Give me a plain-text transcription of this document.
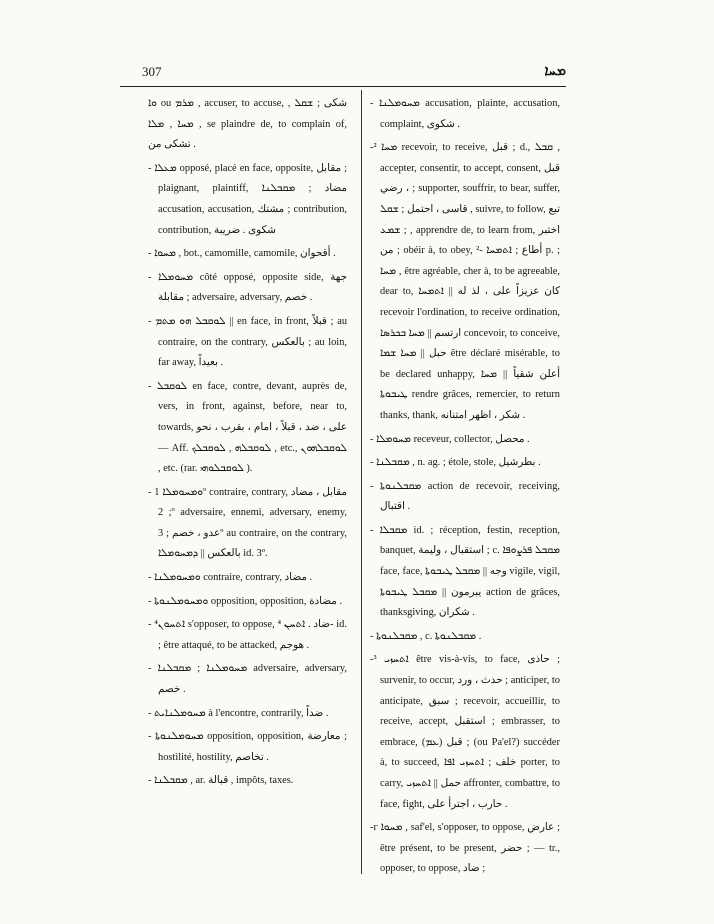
307	ܡܚܐ

ܘܐ ou ܡܪܡ , accuser, to accuse, شكى ; ܫܩܠ , ܡܚܐ , ܡܠܐ , se plaindre de, to complain of, تشكى من .

- ܡܥܠܐ opposé, placé en face, opposite, مقابل ; plaignant, plaintiff, مضاد ; ܡܩܒܠܢܐ accusation, accusation, مشتك ; contribution, contribution, شكوى . ضريبة

- ܡܚܘܐ , bot., camomille, camomile, أقحوان .

- ܡܚܘܡܠܐ côté opposé, opposite side, جهة مقابلة ; adversaire, adversary, خصم .

- ܠܘܩܒܠ ܗܘ ܡܬܡ || en face, in front, قبلاً ; au contraire, on the contrary, بالعكس ; au loin, far away, بعيداً .

- ܠܘܩܒܠ en face, contre, devant, auprès de, vers, in front, against, before, near to, towards, على ، ضد ، قبلاً ، امام ، بقرب ، نحو — Aff. ܠܘܩܒܠܗ , ܠܘܩܒܠܟ , etc., ܠܘܩܒܠܗܘܢ , etc. (rar. ܠܘܩܒܠܘܗܝ ).

- ܘܡܚܘܡܠܐ 1º contraire, contrary, مقابل ، مضاد ; 2º adversaire, ennemi, adversary, enemy, عدو ، خصم ; 3º au contraire, on the contrary, بالعكس || ܕܡܚܘܡܠܐ id. 3º.

- ܘܡܚܘܡܠܢܐ contraire, contrary, مضاد .

- ܘܡܚܘܡܠܢܘܬܐ opposition, opposition, مضادة .

- ܐܬܚܘܢ⁴ s'opposer, to oppose, ضاد . ܐܬܚܢ ⁴- id. ; être attaqué, to be attacked, هوجم .

- ܡܚܘܡܠܢܐ ; ܡܩܒܠܢܐ adversaire, adversary, خصم .

- ܡܚܘܡܠܢܐܝܬ à l'encontre, contrarily, ضداً .

- ܡܚܘܡܠܢܘܬܐ opposition, opposition, معارضة ; hostilité, hostility, تخاصم .

- ܡܩܒܠܢܐ , ar. قبالة , impôts, taxes.

- ܡܚܘܡܠܢܐ accusation, plainte, accusation, complaint, شكوى .

-² ܡܚܐ recevoir, to receive, قبل ; d., ܩܒܠ , accepter, consentir, to accept, consent, قبل ، رضي ; supporter, souffrir, to bear, suffer, قاسى ، احتمل ; ܫܩܠ , suivre, to follow, تبع ; ܫܡܥ , apprendre de, to learn from, اختبر من ; obéir à, to obey, أطاع ; ܐܬܡܚܐ -² p. ; ܡܚܐ , être agréable, cher à, to be agreeable, dear to, كان عزيزاً على ، لذ له || ܐܬܡܚܐ recevoir l'ordination, to receive ordination, ارتسم || ܡܚܐ ܒܟܪܣܐ concevoir, to conceive, حبل || ܡܚܐ ܫܡܐ être déclaré misérable, to be declared unhappy, أعلن شقياً || ܡܚܐ ܛܝܒܘܬܐ rendre grâces, remercier, to return thanks, thank, شكر ، اظهر امتنانه .

- ܡܚܘܡܠܐ receveur, collector, محصل .

- ܡܩܒܠܢܐ , n. ag. ; étole, stole, بطرشيل .

- ܡܩܒܠܢܘܬܐ action de recevoir, receiving, اقتبال .

- ܡܩܒܠܐ id. ; réception, festin, reception, banquet, استقبال ، وليمة ; c. ܡܩܒܠ ܦܪܨܘܦܐ face, face, وجه || ܡܩܒܠ ܛܝܒܘܬܐ vigile, vigil, يبرمون || ܡܩܒܠ ܛܝܒܘܬܐ action de grâces, thanksgiving, شكران .

- ܡܩܒܠܢܘܬܐ , c. ܡܩܒܠܢܘܬܐ .

-³ ܐܬܚܙܝ être vis-à-vis, to face, حاذى ; survenir, to occur, حدث ، ورد ; anticiper, to anticipate, سبق ; recevoir, accueillir, to receive, accept, استقبل ; embrasser, to embrace, (ܥܡ) قبل ; (ou Pa'el?) succéder à, to succeed, خلف ; ܐܬܚܙܝ ܐܦܐ porter, to carry, حمل || ܐܬܚܙܝ affronter, combattre, to face, fight, حارب ، اجترأ على .

-ᴦ ܡܚܘܐ , saf'el, s'opposer, to oppose, عارض ; être présent, to be present, حضر ; — tr., opposer, to oppose, ضاد ;
